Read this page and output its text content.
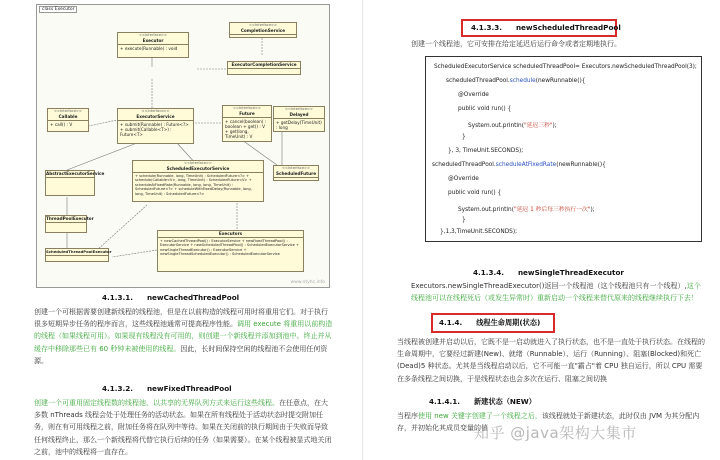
class Executor
<<Interface>>
CompletionService
<<Interface>>
Executor
+ execute(Runnable) : void
ExecutorCompletionService
<<Interface>>
Callable
+ call() : V
<<Interface>>
ExecutorService
+ submit(Runnable) : Future<?> + submit(Callable<T>) : Future<T>
<<Interface>>
Future
+ cancel(boolean) : boolean + get() : V + get(long, TimeUnit) : V
<<Interface>>
Delayed
+ getDelay(TimeUnit) : long
AbstractExecutorService
<<Interface>>
ScheduledExecutorService
+ schedule(Runnable, long, TimeUnit) : ScheduledFuture<?> + schedule(Callable<V>, long, TimeUnit) : ScheduledFuture<V> + scheduleAtFixedRate(Runnable, long, long, TimeUnit) : ScheduledFuture<?> + scheduleWithFixedDelay(Runnable, long, long, TimeUnit) : ScheduledFuture<?>
<<Interface>>
ScheduledFuture
ThreadPoolExecutor
Executors
+ newCachedThreadPool() : ExecutorService + newFixedThreadPool() : ExecutorService + newScheduledThreadPool() : ScheduledExecutorService + newSingleThreadExecutor() : ExecutorService + newSingleThreadScheduledExecutor() : ScheduledExecutorService
ScheduledThreadPoolExecutor
www.ntyhc.info
4.1.3.1. newCachedThreadPool

创建一个可根据需要创建新线程的线程池，但是在以前构造的线程可用时将重用它们。对于执行很多短期异步任务的程序而言，这些线程池通常可提高程序性能。调用 execute 将重用以前构造的线程（如果线程可用）。如果现有线程没有可用的，则创建一个新线程并添加到池中。终止并从缓存中移除那些已有 60 秒钟未被使用的线程。因此，长时间保持空闲的线程池不会使用任何资源。

4.1.3.2. newFixedThreadPool

创建一个可重用固定线程数的线程池，以共享的无界队列方式来运行这些线程。在任意点，在大多数 nThreads 线程会处于处理任务的活动状态。如果在所有线程处于活动状态时提交附加任务，则在有可用线程之前，附加任务将在队列中等待。如果在关闭前的执行期间由于失败而导致任何线程终止，那么一个新线程将代替它执行后续的任务（如果需要）。在某个线程被显式地关闭之前，池中的线程将一直存在。

4.1.3.3. newScheduledThreadPool

创建一个线程池，它可安排在给定延迟后运行命令或者定期地执行。

ScheduledExecutorService scheduledThreadPool= Executors.newScheduledThreadPool(3);
scheduledThreadPool.schedule(newRunnable(){
@Override
public void run() {
System.out.println("延迟三秒");
}
}, 3, TimeUnit.SECONDS);
scheduledThreadPool.scheduleAtFixedRate(newRunnable(){
@Override
public void run() {
System.out.println("延迟 1 秒后每三秒执行一次");
}
},1,3,TimeUnit.SECONDS);
4.1.3.4. newSingleThreadExecutor

Executors.newSingleThreadExecutor()返回一个线程池（这个线程池只有一个线程）,这个线程池可以在线程死后（或发生异常时）重新启动一个线程来替代原来的线程继续执行下去！

4.1.4. 线程生命周期(状态)

当线程被创建并启动以后，它既不是一启动就进入了执行状态，也不是一直处于执行状态。在线程的生命周期中，它要经过新建(New)、就绪（Runnable）、运行（Running）、阻塞(Blocked)和死亡(Dead)5 种状态。尤其是当线程启动以后，它不可能一直"霸占"着 CPU 独自运行，所以 CPU 需要在多条线程之间切换，于是线程状态也会多次在运行、阻塞之间切换

4.1.4.1. 新建状态（NEW）

当程序使用 new 关键字创建了一个线程之后，该线程就处于新建状态，此时仅由 JVM 为其分配内存，并初始化其成员变量的值

知乎 @java架构大集市
